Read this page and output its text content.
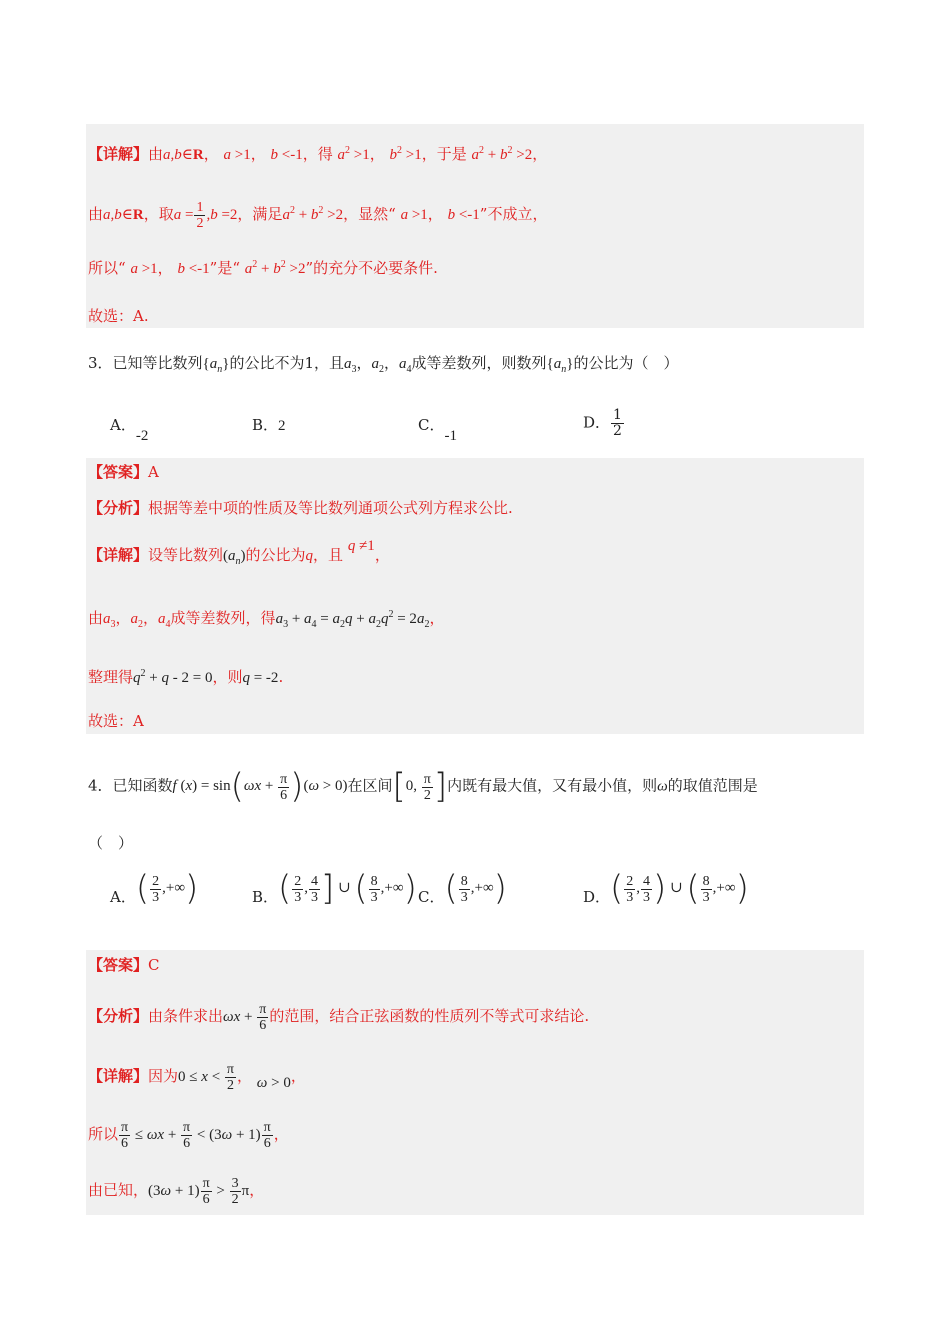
【详解】由a,b∈R， a >1， b <-1，得 $a^2 >1$， $b^2 >1$，于是 $a^2 + b^2 >2$，
由a,b∈R，取$a = \frac{1}{2} ,b =2$，满足$a^2 + b^2 >2$，显然“ a >1， b <-1”不成立，
所以“ a >1， b <-1”是“ $a^2 + b^2 >2$”的充分不必要条件.
故选：A.
3．已知等比数列$\{a_n\}$的公比不为1，且$a_3$，$a_2$，$a_4$成等差数列，则数列$\{a_n\}$的公比为（　）
A．-2
B．2	C．-1
D． $\frac{1}{2}$
【答案】A
【分析】根据等差中项的性质及等比数列通项公式列方程求公比.
【详解】设等比数列$(a_n)$的公比为q，且 q ≠1，
由$a_3$，$a_2$，$a_4$成等差数列，得$a_3 + a_4 = a_2q + a_2q^2 = 2a_2$，
整理得$q^2 + q - 2 = 0$，则q = -2.
故选：A
4．已知函数f $(x) = \sin(\omega x + \frac{\pi}{6} )(\omega > 0)$在区间[0, $\frac{\pi}{2}$ ]内既有最大值，又有最小值，则ω的取值范围是
（　）
A．( $\frac{2}{3}$ ,+∞)	B．( $\frac{2}{3}$ , $\frac{4}{3}$ ] ∪ ( $\frac{8}{3}$ ,+∞) C．( $\frac{8}{3}$ ,+∞)	D．( $\frac{2}{3}$ , $\frac{4}{3}$ ) ∪ ( $\frac{8}{3}$ ,+∞)
【答案】C
【分析】由条件求出$\omega x + \frac{\pi}{6}$ 的范围，结合正弦函数的性质列不等式可求结论.
【详解】因为$0 \le x < \frac{\pi}{2}$ ， ω > 0，
所以 $\frac{\pi}{6} \le \omega x + \frac{\pi}{6} < (3\omega + 1) \frac{\pi}{6}$ ，
由已知，$(3\omega + 1) \frac{\pi}{6} > \frac{3}{2}$ π，
